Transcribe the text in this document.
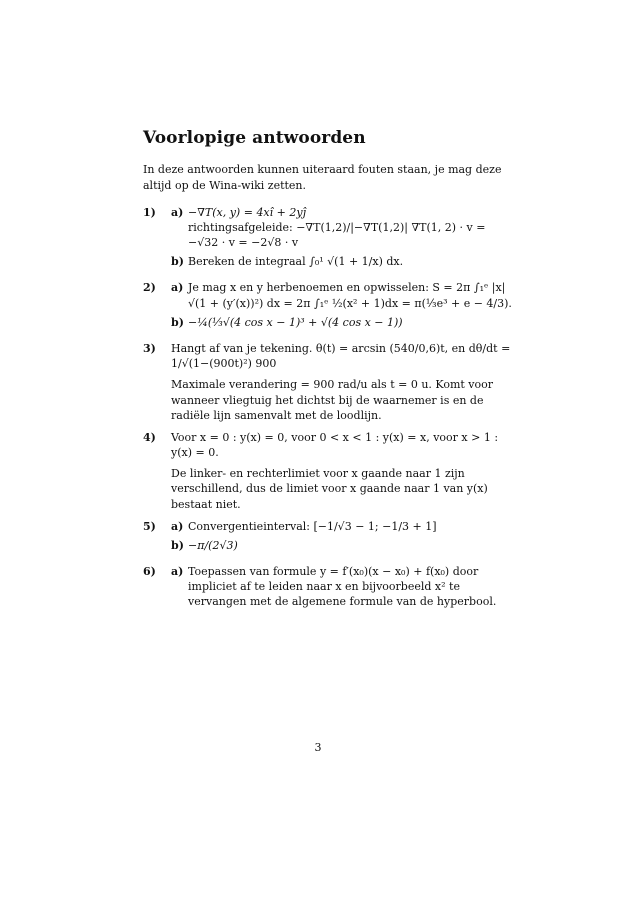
Voorlopige antwoorden

In deze antwoorden kunnen uiteraard fouten staan, je mag deze altijd op de Wina-wiki zetten.

1)	a) −∇T(x, y) = 4xî + 2yĵ
richtingsafgeleide: −∇T(1,2)/|−∇T(1,2)| ∇T(1, 2) · v = −√32 · v = −2√8 · v
b) Bereken de integraal ∫₀¹ √(1 + 1/x) dx.
2)	a) Je mag x en y herbenoemen en opwisselen: S = 2π ∫₁ᵉ |x|√(1 + (y′(x))²) dx = 2π ∫₁ᵉ ½(x² + 1)dx = π(⅓e³ + e − 4/3).
b) −¼(⅓√(4 cos x − 1)³ + √(4 cos x − 1))
3)	Hangt af van je tekening. θ(t) = arcsin (540/0,6)t, en dθ/dt = 1/√(1−(900t)²) 900
Maximale verandering = 900 rad/u als t = 0 u. Komt voor wanneer vliegtuig het dichtst bij de waarnemer is en de radiële lijn samenvalt met de loodlijn.
4)	Voor x = 0 : y(x) = 0, voor 0 < x < 1 : y(x) = x, voor x > 1 : y(x) = 0.
De linker- en rechterlimiet voor x gaande naar 1 zijn verschillend, dus de limiet voor x gaande naar 1 van y(x) bestaat niet.
5)	a) Convergentieinterval: [−1/√3 − 1; −1/3 + 1]
b) −π/(2√3)
6)	a) Toepassen van formule y = f′(x₀)(x − x₀) + f(x₀) door impliciet af te leiden naar x en bijvoorbeeld x² te vervangen met de algemene formule van de hyperbool.
3
